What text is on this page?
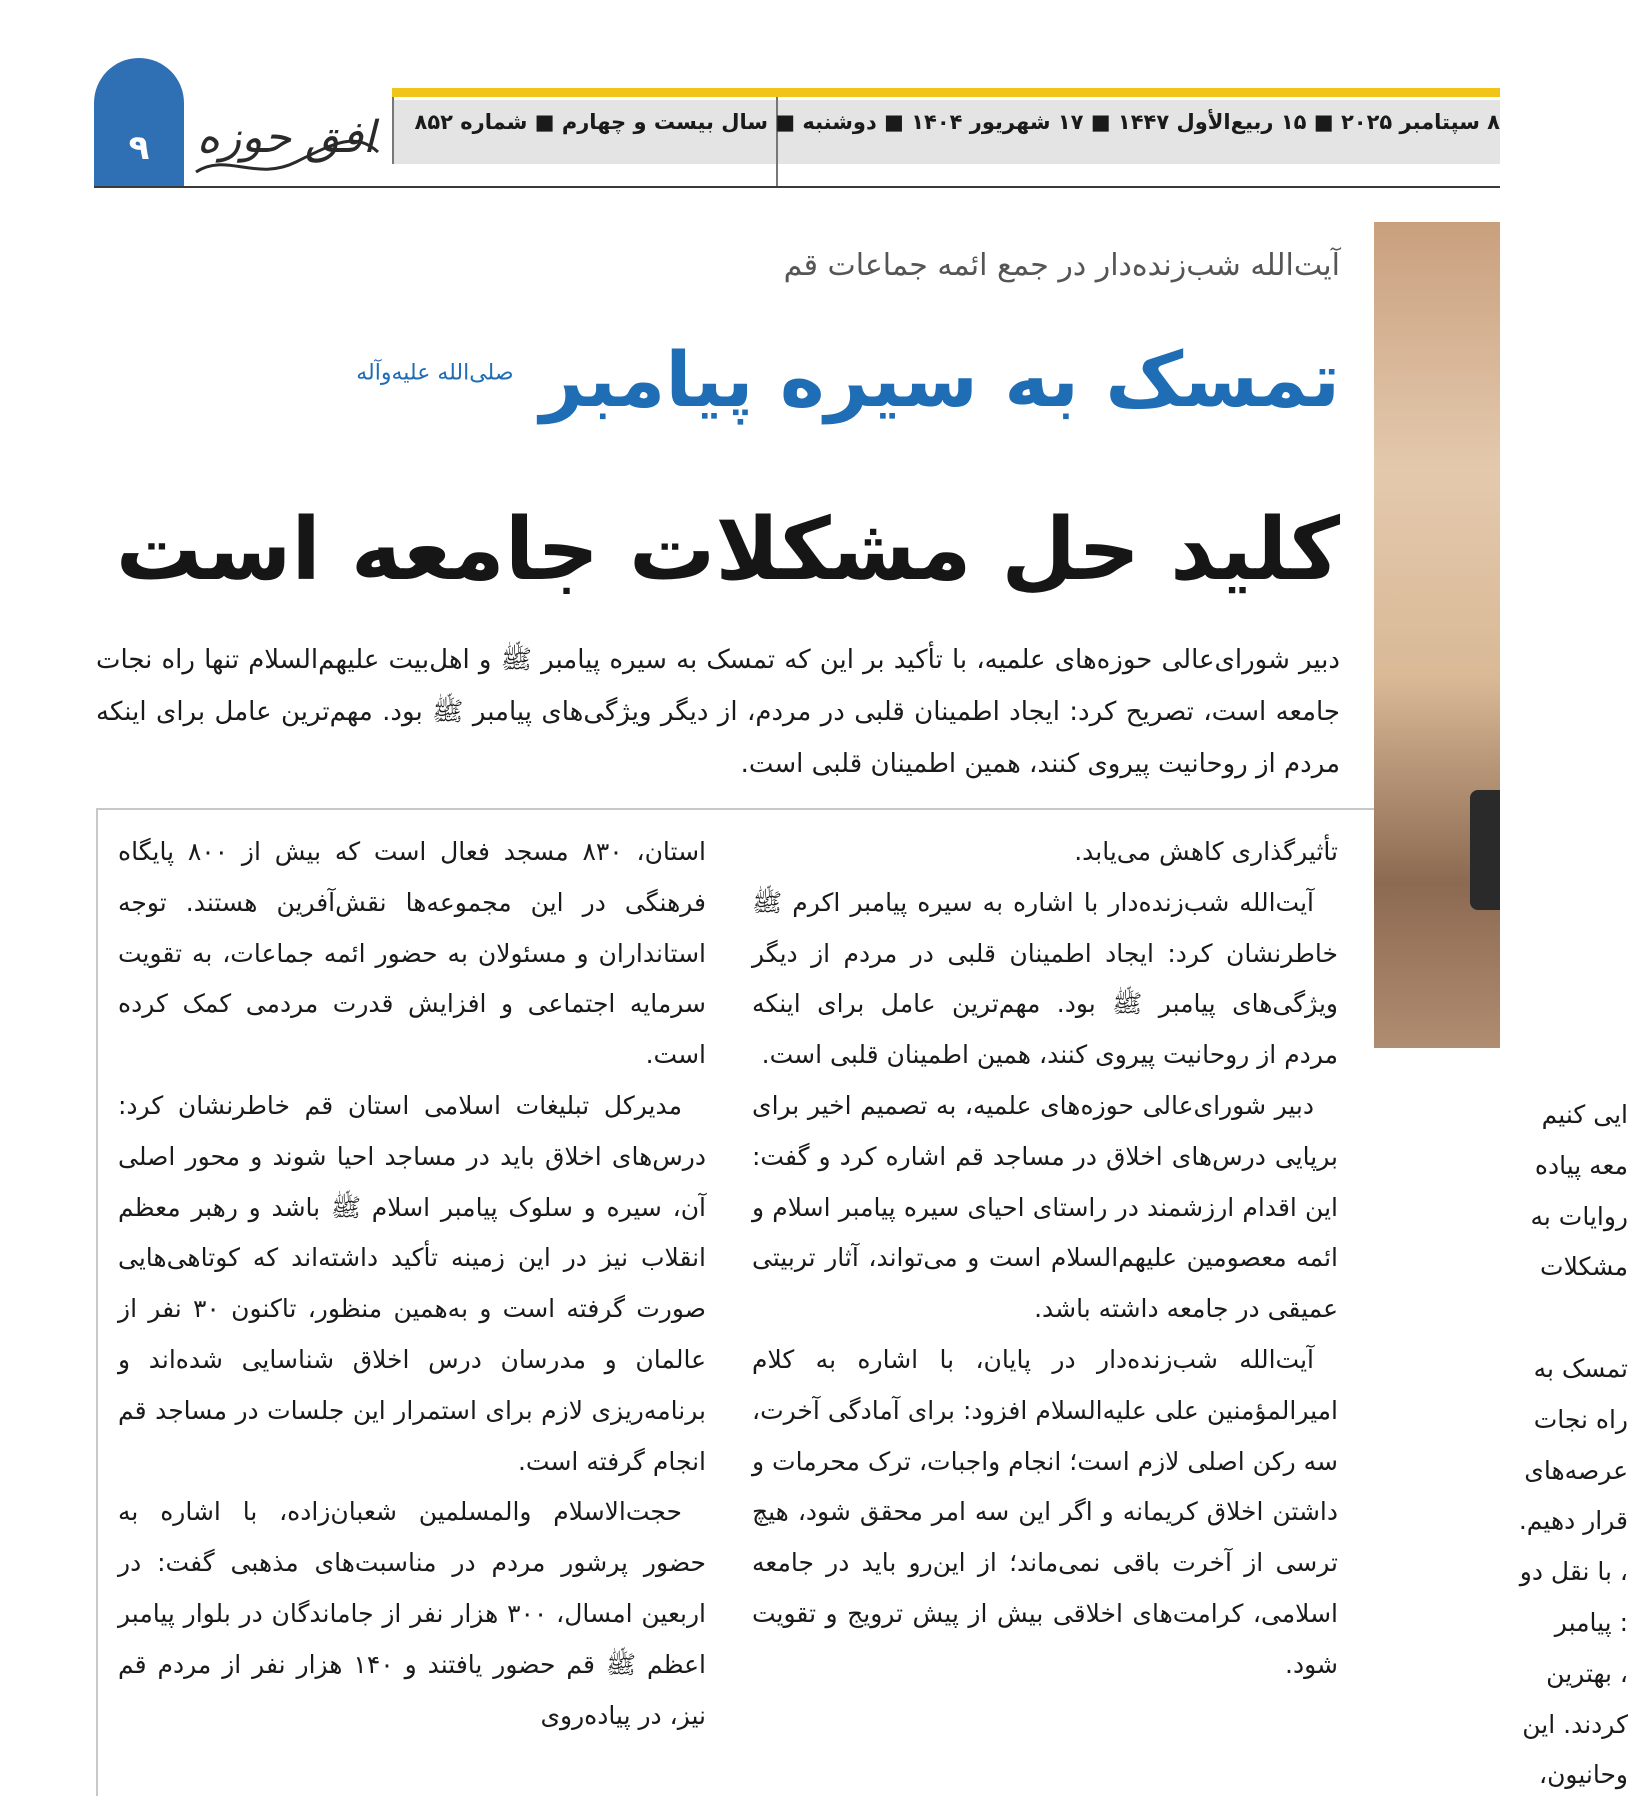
۹	افق حوزه	سال بیست و چهارم ■ شماره ۸۵۲ ۸ سپتامبر ۲۰۲۵ ■ ۱۵ ربیع‌الأول ۱۴۴۷ ■ ۱۷ شهریور ۱۴۰۴ ■ دوشنبه ■
آیت‌الله شب‌زنده‌دار در جمع ائمه جماعات قم
تمسک به سیره پیامبر $^{صلی‌الله علیه‌وآله}$
کلید حل مشکلات جامعه است
دبیر شورای‌عالی حوزه‌های علمیه، با تأکید بر این که تمسک به سیره پیامبر ﷺ و اهل‌بیت علیهم‌السلام تنها راه نجات جامعه است، تصریح کرد: ایجاد اطمینان قلبی در مردم، از دیگر ویژگی‌های پیامبر ﷺ بود. مهم‌ترین عامل برای اینکه مردم از روحانیت پیروی کنند، همین اطمینان قلبی است.

تأثیرگذاری کاهش می‌یابد.

آیت‌الله شب‌زنده‌دار با اشاره به سیره پیامبر اکرم ﷺ خاطرنشان کرد: ایجاد اطمینان قلبی در مردم از دیگر ویژگی‌های پیامبر ﷺ بود. مهم‌ترین عامل برای اینکه مردم از روحانیت پیروی کنند، همین اطمینان قلبی است.

دبیر شورای‌عالی حوزه‌های علمیه، به تصمیم اخیر برای برپایی درس‌های اخلاق در مساجد قم اشاره کرد و گفت: این اقدام ارزشمند در راستای احیای سیره پیامبر اسلام و ائمه معصومین علیهم‌السلام است و می‌تواند، آثار تربیتی عمیقی در جامعه داشته باشد.

آیت‌الله شب‌زنده‌دار در پایان، با اشاره به کلام امیرالمؤمنین علی علیه‌السلام افزود: برای آمادگی آخرت، سه رکن اصلی لازم است؛ انجام واجبات، ترک محرمات و داشتن اخلاق کریمانه و اگر این سه امر محقق شود، هیچ ترسی از آخرت باقی نمی‌ماند؛ از این‌رو باید در جامعه اسلامی، کرامت‌های اخلاقی بیش از پیش ترویج و تقویت شود.

استان، ۸۳۰ مسجد فعال است که بیش از ۸۰۰ پایگاه فرهنگی در این مجموعه‌ها نقش‌آفرین هستند. توجه استانداران و مسئولان به حضور ائمه جماعات، به تقویت سرمایه اجتماعی و افزایش قدرت مردمی کمک کرده است.

مدیرکل تبلیغات اسلامی استان قم خاطرنشان کرد: درس‌های اخلاق باید در مساجد احیا شوند و محور اصلی آن، سیره و سلوک پیامبر اسلام ﷺ باشد و رهبر معظم انقلاب نیز در این زمینه تأکید داشته‌اند که کوتاهی‌هایی صورت گرفته است و به‌همین منظور، تاکنون ۳۰ نفر از عالمان و مدرسان درس اخلاق شناسایی شده‌اند و برنامه‌ریزی لازم برای استمرار این جلسات در مساجد قم انجام گرفته است.

حجت‌الاسلام والمسلمین شعبان‌زاده، با اشاره به حضور پرشور مردم در مناسبت‌های مذهبی گفت: در اربعین امسال، ۳۰۰ هزار نفر از جاماندگان در بلوار پیامبر اعظم ﷺ قم حضور یافتند و ۱۴۰ هزار نفر از مردم قم نیز، در پیاده‌روی

ایی کنیم

معه پیاده

روایات به

مشکلات

تمسک به

راه نجات

عرصه‌های

قرار دهیم.

، با نقل دو

: پیامبر

، بهترین

کردند. این

وحانیون،
